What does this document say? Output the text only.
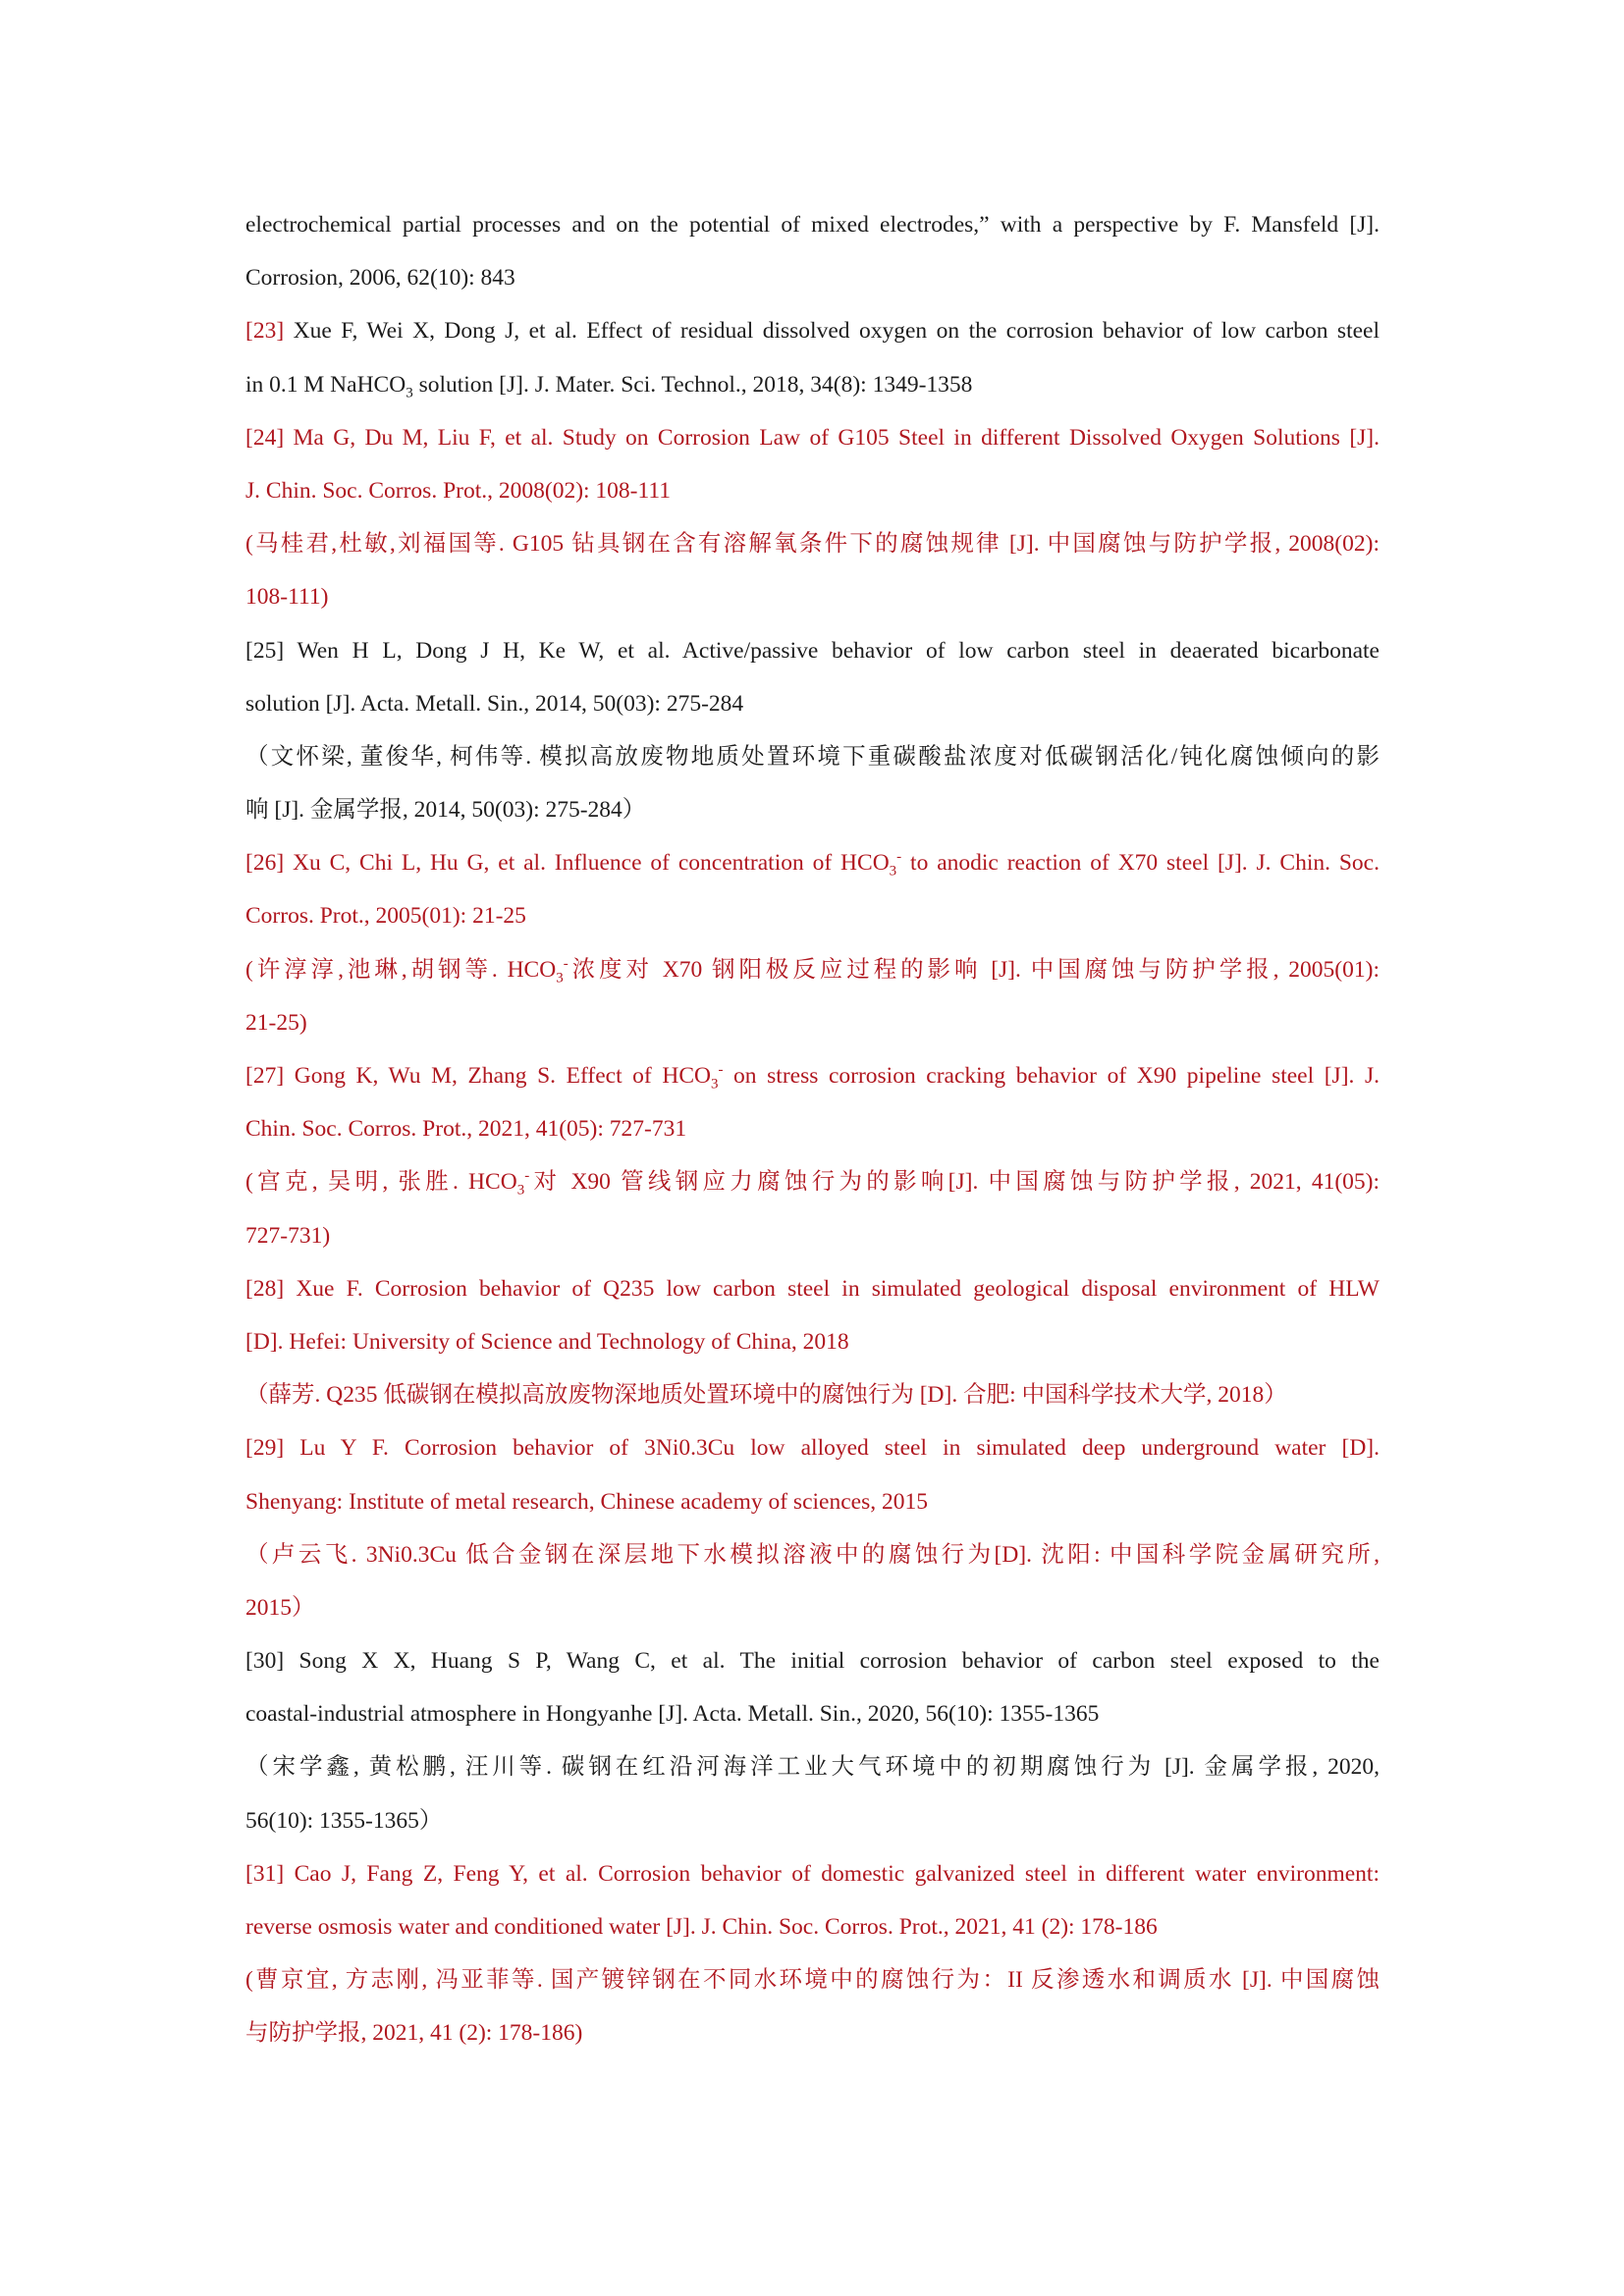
electrochemical partial processes and on the potential of mixed electrodes,” with a perspective by F. Mansfeld [J].
Corrosion, 2006, 62(10): 843
[23] Xue F, Wei X, Dong J, et al. Effect of residual dissolved oxygen on the corrosion behavior of low carbon steel
in 0.1 M NaHCO$_3$ solution [J]. J. Mater. Sci. Technol., 2018, 34(8): 1349-1358
[24] Ma G, Du M, Liu F, et al. Study on Corrosion Law of G105 Steel in different Dissolved Oxygen Solutions [J].
J. Chin. Soc. Corros. Prot., 2008(02): 108-111
(马桂君,杜敏,刘福国等. G105 钻具钢在含有溶解氧条件下的腐蚀规律 [J]. 中国腐蚀与防护学报, 2008(02):
108-111)
[25] Wen H L, Dong J H, Ke W, et al. Active/passive behavior of low carbon steel in deaerated bicarbonate
solution [J]. Acta. Metall. Sin., 2014, 50(03): 275-284
（文怀梁, 董俊华, 柯伟等. 模拟高放废物地质处置环境下重碳酸盐浓度对低碳钢活化/钝化腐蚀倾向的影
响 [J]. 金属学报, 2014, 50(03): 275-284）
[26] Xu C, Chi L, Hu G, et al. Influence of concentration of $HCO_3^-$ to anodic reaction of X70 steel [J]. J. Chin. Soc.
Corros. Prot., 2005(01): 21-25
(许淳淳,池琳,胡钢等. $HCO_3^-$浓度对 X70 钢阳极反应过程的影响 [J]. 中国腐蚀与防护学报, 2005(01):
21-25)
[27] Gong K, Wu M, Zhang S. Effect of $HCO_3^-$ on stress corrosion cracking behavior of X90 pipeline steel [J]. J.
Chin. Soc. Corros. Prot., 2021, 41(05): 727-731
(宫克, 吴明, 张胜. $HCO_3^-$对 X90 管线钢应力腐蚀行为的影响[J]. 中国腐蚀与防护学报, 2021, 41(05):
727-731)
[28] Xue F. Corrosion behavior of Q235 low carbon steel in simulated geological disposal environment of HLW
[D]. Hefei: University of Science and Technology of China, 2018
（薛芳. Q235 低碳钢在模拟高放废物深地质处置环境中的腐蚀行为 [D]. 合肥: 中国科学技术大学, 2018）
[29] Lu Y F. Corrosion behavior of 3Ni0.3Cu low alloyed steel in simulated deep underground water [D].
Shenyang: Institute of metal research, Chinese academy of sciences, 2015
（卢云飞. 3Ni0.3Cu 低合金钢在深层地下水模拟溶液中的腐蚀行为[D]. 沈阳: 中国科学院金属研究所,
2015）
[30] Song X X, Huang S P, Wang C, et al. The initial corrosion behavior of carbon steel exposed to the
coastal-industrial atmosphere in Hongyanhe [J]. Acta. Metall. Sin., 2020, 56(10): 1355-1365
（宋学鑫, 黄松鹏, 汪川等. 碳钢在红沿河海洋工业大气环境中的初期腐蚀行为 [J]. 金属学报, 2020,
56(10): 1355-1365）
[31] Cao J, Fang Z, Feng Y, et al. Corrosion behavior of domestic galvanized steel in different water environment:
reverse osmosis water and conditioned water [J]. J. Chin. Soc. Corros. Prot., 2021, 41 (2): 178-186
(曹京宜, 方志刚, 冯亚菲等. 国产镀锌钢在不同水环境中的腐蚀行为：II 反渗透水和调质水 [J]. 中国腐蚀
与防护学报, 2021, 41 (2): 178-186)
